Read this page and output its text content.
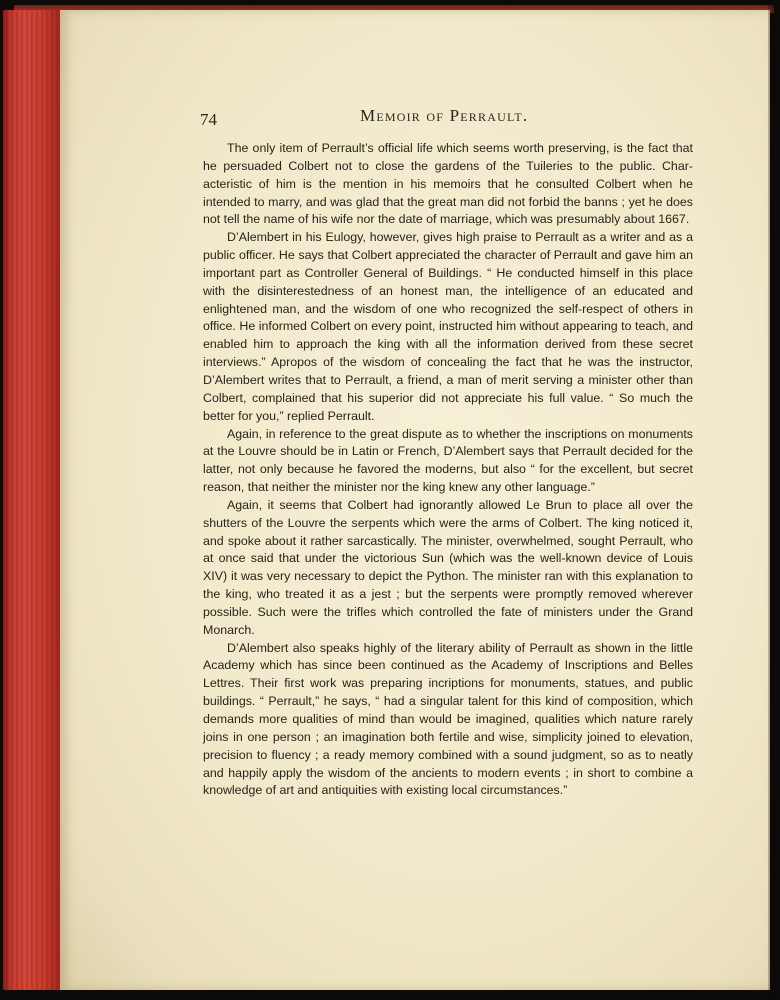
74	Memoir of Perrault.

The only item of Perrault’s official life which seems worth preserving, is the fact that he persuaded Colbert not to close the gardens of the Tuileries to the public. Characteristic of him is the mention in his memoirs that he consulted Colbert when he intended to marry, and was glad that the great man did not forbid the banns ; yet he does not tell the name of his wife nor the date of marriage, which was presumably about 1667.

D’Alembert in his Eulogy, however, gives high praise to Perrault as a writer and as a public officer. He says that Colbert appreciated the character of Perrault and gave him an important part as Controller General of Buildings. “ He conducted himself in this place with the disinterestedness of an honest man, the intelligence of an educated and enlightened man, and the wisdom of one who recognized the self-respect of others in office. He informed Colbert on every point, instructed him without appearing to teach, and enabled him to approach the king with all the information derived from these secret interviews.” Apropos of the wisdom of concealing the fact that he was the instructor, D’Alembert writes that to Perrault, a friend, a man of merit serving a minister other than Colbert, complained that his superior did not appreciate his full value. “ So much the better for you,” replied Perrault.

Again, in reference to the great dispute as to whether the inscriptions on monuments at the Louvre should be in Latin or French, D’Alembert says that Perrault decided for the latter, not only because he favored the moderns, but also “ for the excellent, but secret reason, that neither the minister nor the king knew any other language.”

Again, it seems that Colbert had ignorantly allowed Le Brun to place all over the shutters of the Louvre the serpents which were the arms of Colbert. The king noticed it, and spoke about it rather sarcastically. The minister, overwhelmed, sought Perrault, who at once said that under the victorious Sun (which was the well-known device of Louis XIV) it was very necessary to depict the Python. The minister ran with this explanation to the king, who treated it as a jest ; but the serpents were promptly removed wherever possible. Such were the trifles which controlled the fate of ministers under the Grand Monarch.

D’Alembert also speaks highly of the literary ability of Perrault as shown in the little Academy which has since been continued as the Academy of Inscriptions and Belles Lettres. Their first work was preparing incriptions for monuments, statues, and public buildings. “ Perrault,” he says, “ had a singular talent for this kind of composition, which demands more qualities of mind than would be imagined, qualities which nature rarely joins in one person ; an imagination both fertile and wise, simplicity joined to elevation, precision to fluency ; a ready memory combined with a sound judgment, so as to neatly and happily apply the wisdom of the ancients to modern events ; in short to combine a knowledge of art and antiquities with existing local circumstances.”
